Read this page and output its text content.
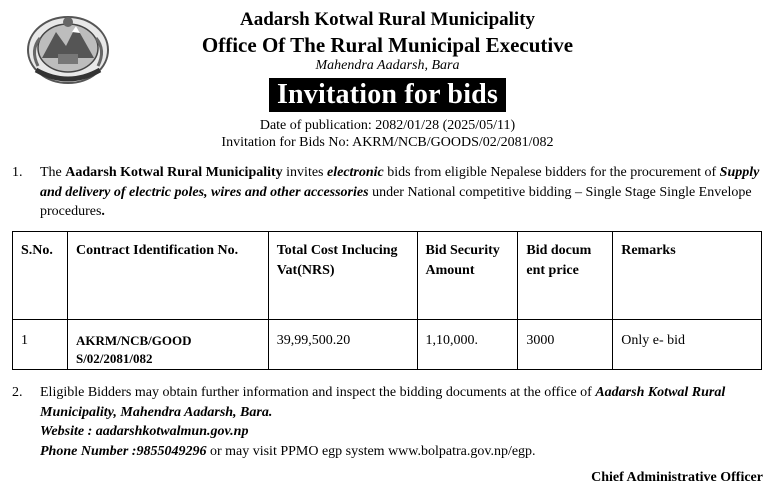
Aadarsh Kotwal Rural Municipality
Office Of The Rural Municipal Executive
Mahendra Aadarsh, Bara
Invitation for bids
Date of publication: 2082/01/28 (2025/05/11)
Invitation for Bids No: AKRM/NCB/GOODS/02/2081/082
1. The Aadarsh Kotwal Rural Municipality invites electronic bids from eligible Nepalese bidders for the procurement of Supply and delivery of electric poles, wires and other accessories under National competitive bidding – Single Stage Single Envelope procedures.
S.No.	Contract Identification No.	Total Cost Inclucing Vat(NRS)	Bid Security Amount	Bid docum ent price	Remarks
1	AKRM/NCB/GOOD S/02/2081/082	39,99,500.20	1,10,000.	3000	Only e- bid
2. Eligible Bidders may obtain further information and inspect the bidding documents at the office of Aadarsh Kotwal Rural Municipality, Mahendra Aadarsh, Bara.
Website : aadarshkotwalmun.gov.np
Phone Number :9855049296 or may visit PPMO egp system www.bolpatra.gov.np/egp.
Chief Administrative Officer
